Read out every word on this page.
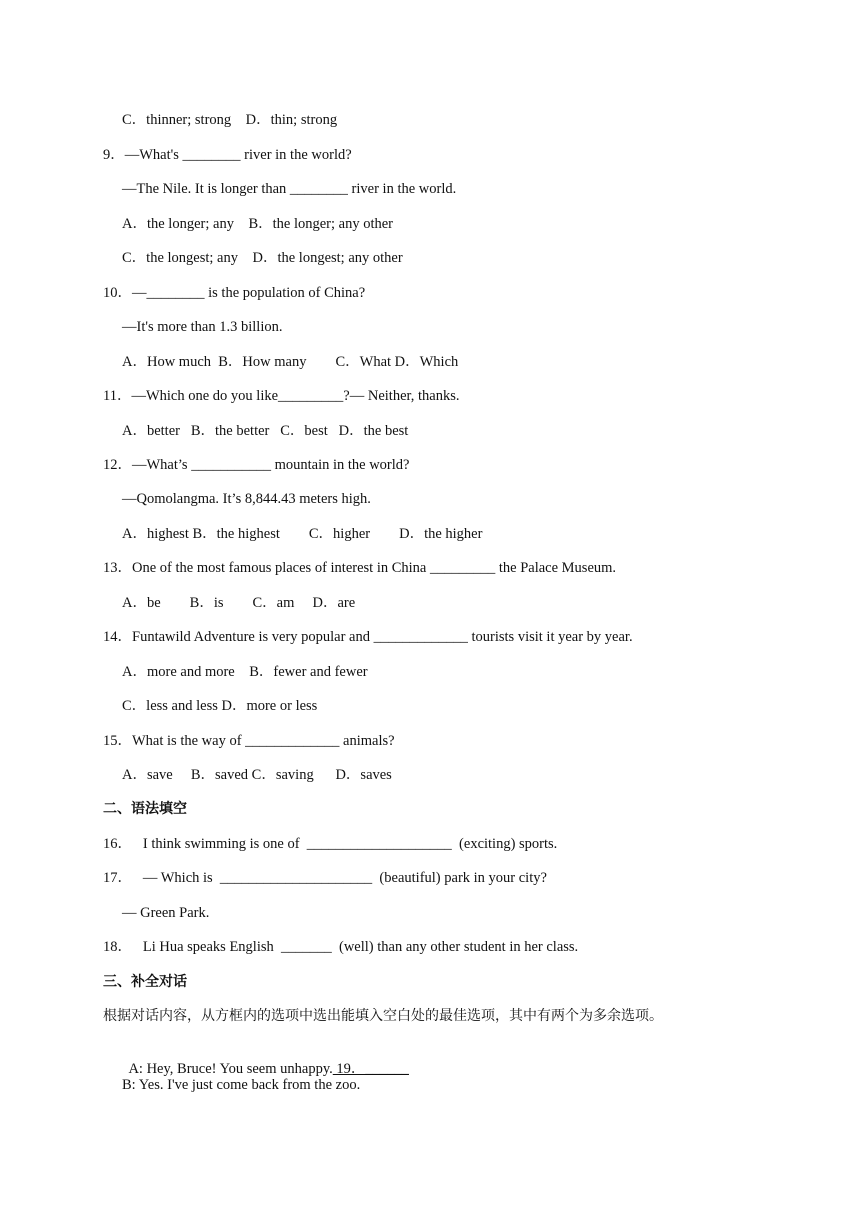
C．thinner; strong    D．thin; strong
9．—What's ________ river in the world?
—The Nile. It is longer than ________ river in the world.
A．the longer; any    B．the longer; any other
C．the longest; any    D．the longest; any other
10．—________ is the population of China?
—It's more than 1.3 billion.
A．How much  B．How many        C．What D．Which
11．—Which one do you like_________?— Neither, thanks.
A．better   B．the better   C．best   D．the best
12．—What’s ___________ mountain in the world?
—Qomolangma. It’s 8,844.43 meters high.
A．highest B．the highest        C．higher        D．the higher
13．One of the most famous places of interest in China _________ the Palace Museum.
A．be        B．is        C．am     D．are
14．Funtawild Adventure is very popular and _____________ tourists visit it year by year.
A．more and more    B．fewer and fewer
C．less and less D．more or less
15．What is the way of _____________ animals?
A．save     B．saved C．saving      D．saves
二、语法填空
16．   I think swimming is one of  ____________________  (exciting) sports.
17．   — Which is  _____________________  (beautiful) park in your city?
— Green Park.
18．   Li Hua speaks English  _______  (well) than any other student in her class.
三、补全对话
根据对话内容，从方框内的选项中选出能填入空白处的最佳选项，其中有两个为多余选项。

A: Hey, Bruce! You seem unhappy. 19．______

B: Yes. I've just come back from the zoo.
